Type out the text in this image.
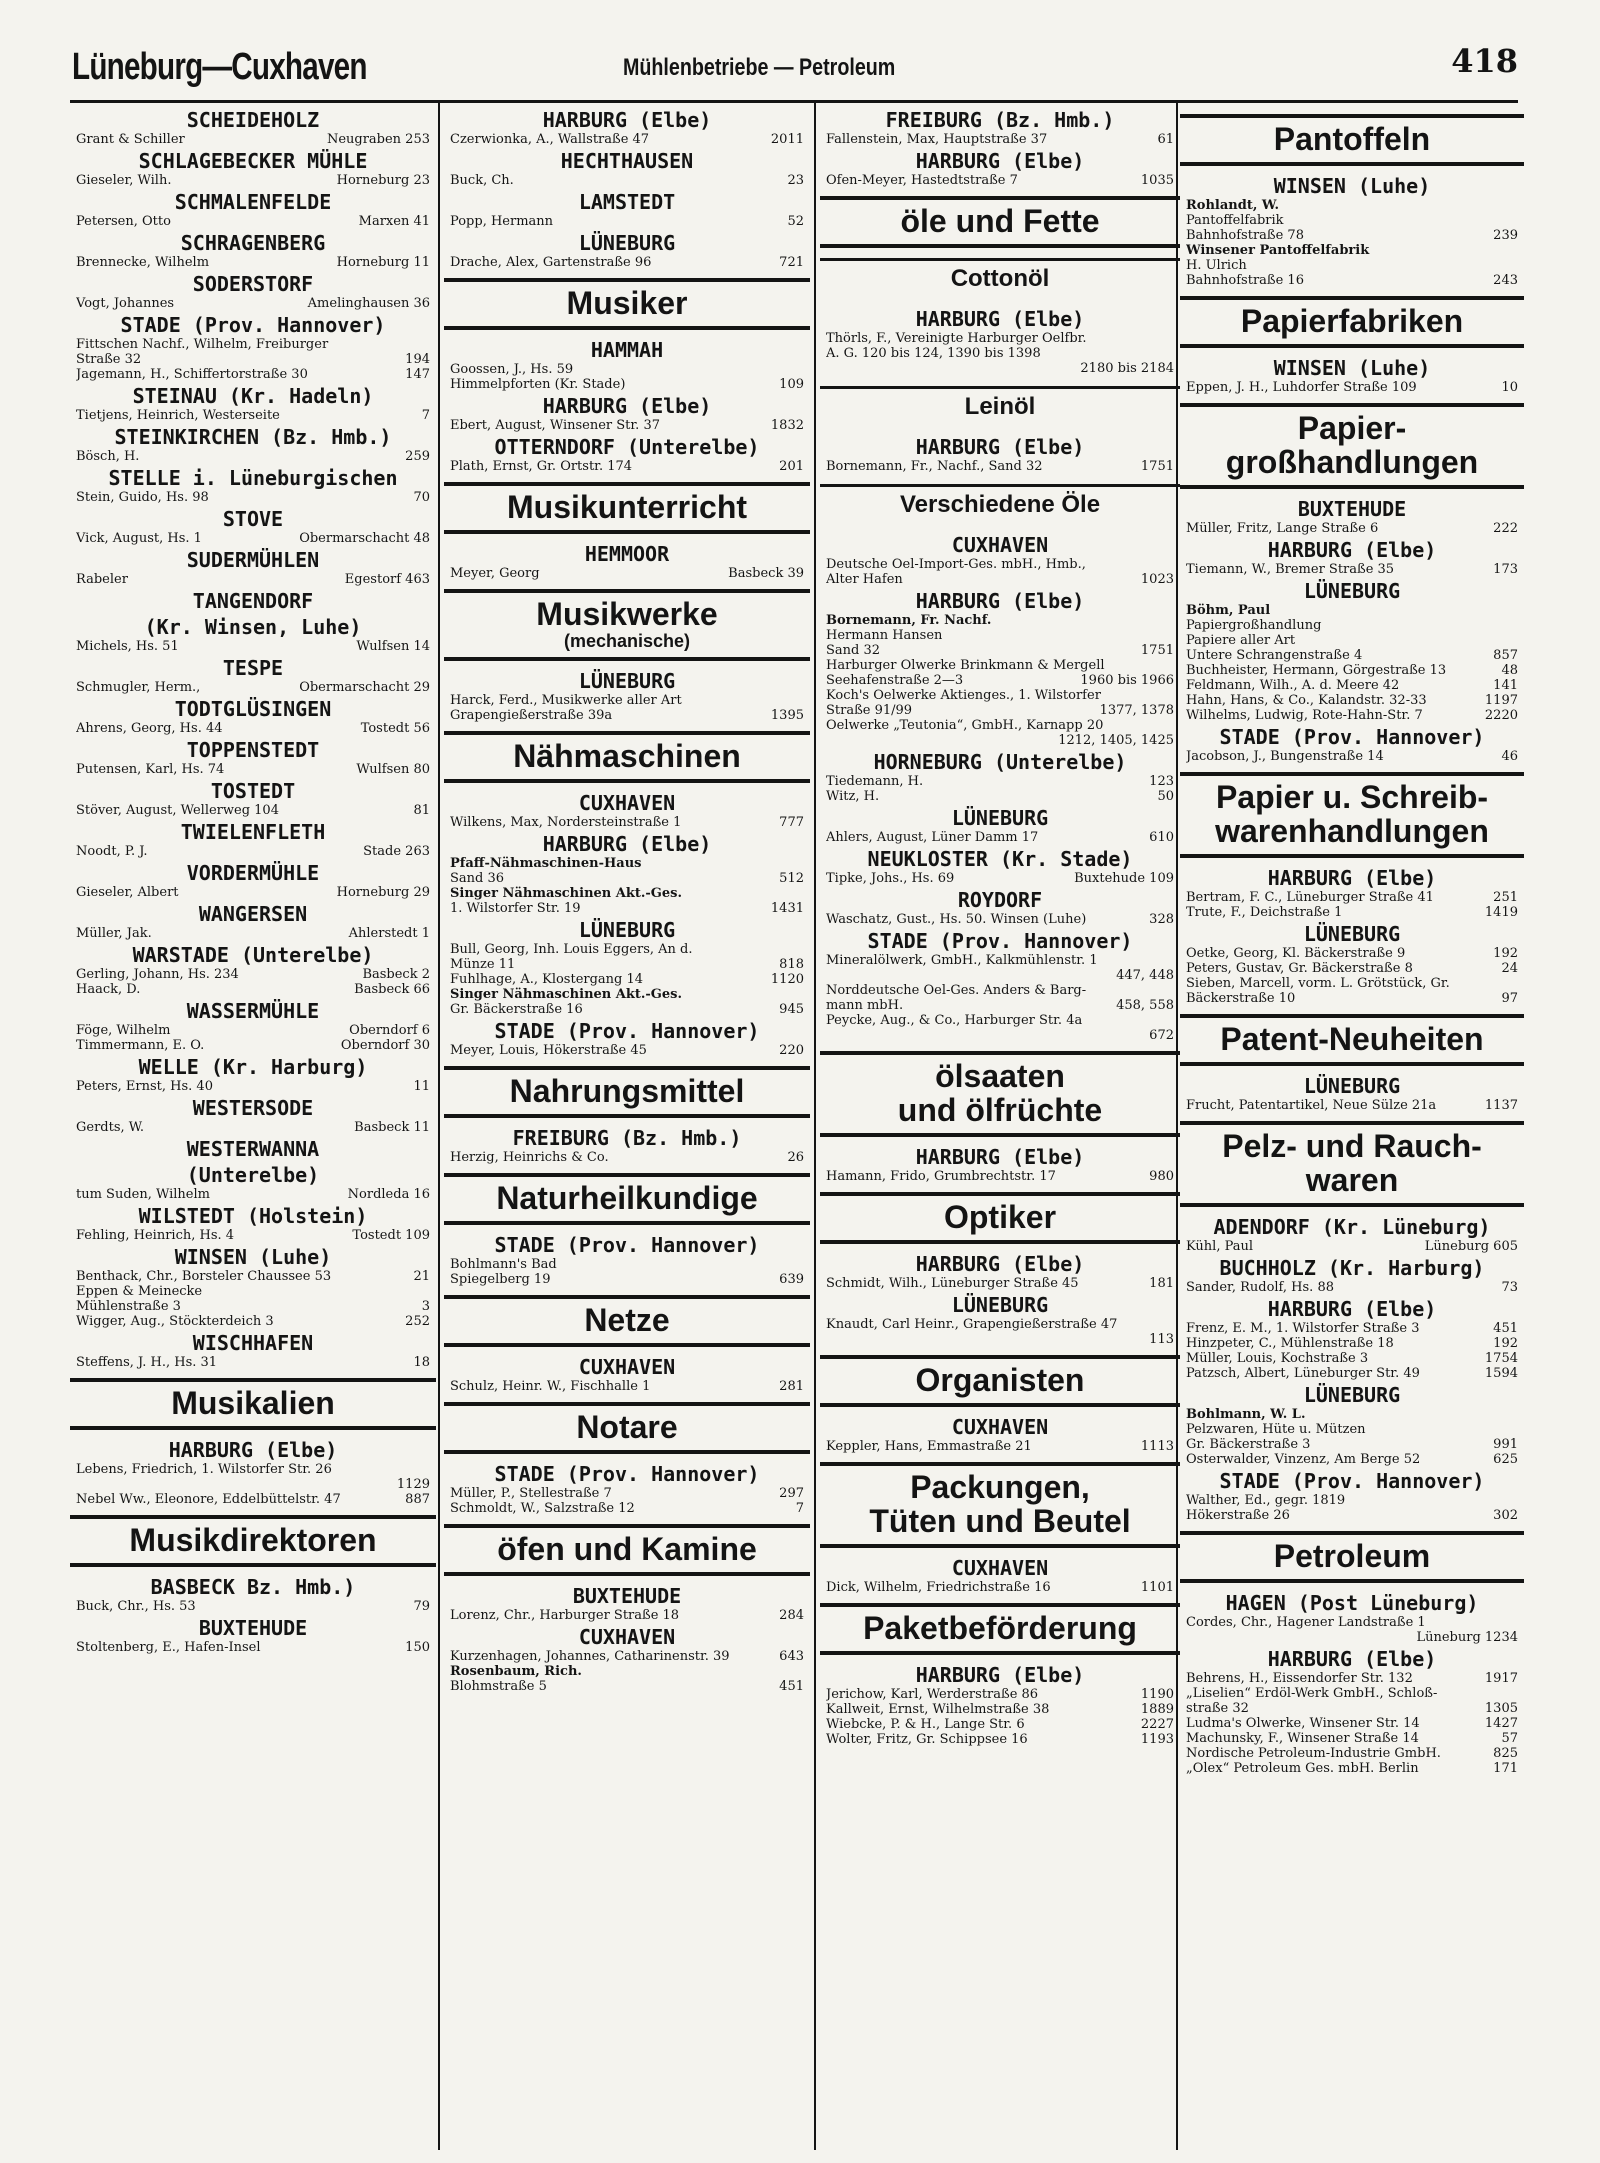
Lüneburg—Cuxhaven	Mühlenbetriebe — Petroleum	418
SCHEIDEHOLZ
Grant & Schiller	Neugraben 253
SCHLAGEBECKER MÜHLE
Gieseler, Wilh.	Horneburg 23
SCHMALENFELDE
Petersen, Otto	Marxen 41
SCHRAGENBERG
Brennecke, Wilhelm	Horneburg 11
SODERSTORF
Vogt, Johannes	Amelinghausen 36
STADE (Prov. Hannover)
Fittschen Nachf., Wilhelm, Freiburger
Straße 32	194
Jagemann, H., Schiffertorstraße 30	147
STEINAU (Kr. Hadeln)
Tietjens, Heinrich, Westerseite	7
STEINKIRCHEN (Bz. Hmb.)
Bösch, H.	259
STELLE i. Lüneburgischen
Stein, Guido, Hs. 98	70
STOVE
Vick, August, Hs. 1	Obermarschacht 48
SUDERMÜHLEN
Rabeler	Egestorf 463
TANGENDORF
(Kr. Winsen, Luhe)
Michels, Hs. 51	Wulfsen 14
TESPE
Schmugler, Herm.,	Obermarschacht 29
TODTGLÜSINGEN
Ahrens, Georg, Hs. 44	Tostedt 56
TOPPENSTEDT
Putensen, Karl, Hs. 74	Wulfsen 80
TOSTEDT
Stöver, August, Wellerweg 104	81
TWIELENFLETH
Noodt, P. J.	Stade 263
VORDERMÜHLE
Gieseler, Albert	Horneburg 29
WANGERSEN
Müller, Jak.	Ahlerstedt 1
WARSTADE (Unterelbe)
Gerling, Johann, Hs. 234	Basbeck 2
Haack, D.	Basbeck 66
WASSERMÜHLE
Föge, Wilhelm	Oberndorf 6
Timmermann, E. O.	Oberndorf 30
WELLE (Kr. Harburg)
Peters, Ernst, Hs. 40	11
WESTERSODE
Gerdts, W.	Basbeck 11
WESTERWANNA
(Unterelbe)
tum Suden, Wilhelm	Nordleda 16
WILSTEDT (Holstein)
Fehling, Heinrich, Hs. 4	Tostedt 109
WINSEN (Luhe)
Benthack, Chr., Borsteler Chaussee 53	21
Eppen & Meinecke
Mühlenstraße 3	3
Wigger, Aug., Stöckterdeich 3	252
WISCHHAFEN
Steffens, J. H., Hs. 31	18
Musikalien
HARBURG (Elbe)
Lebens, Friedrich, 1. Wilstorfer Str. 26
1129
Nebel Ww., Eleonore, Eddelbüttelstr. 47	887
Musikdirektoren
BASBECK Bz. Hmb.)
Buck, Chr., Hs. 53	79
BUXTEHUDE
Stoltenberg, E., Hafen-Insel	150
HARBURG (Elbe)
Czerwionka, A., Wallstraße 47	2011
HECHTHAUSEN
Buck, Ch.	23
LAMSTEDT
Popp, Hermann	52
LÜNEBURG
Drache, Alex, Gartenstraße 96	721
Musiker
HAMMAH
Goossen, J., Hs. 59
Himmelpforten (Kr. Stade)	109
HARBURG (Elbe)
Ebert, August, Winsener Str. 37	1832
OTTERNDORF (Unterelbe)
Plath, Ernst, Gr. Ortstr. 174	201
Musikunterricht
HEMMOOR
Meyer, Georg	Basbeck 39
Musikwerke
(mechanische)
LÜNEBURG
Harck, Ferd., Musikwerke aller Art
Grapengießerstraße 39a	1395
Nähmaschinen
CUXHAVEN
Wilkens, Max, Nordersteinstraße 1	777
HARBURG (Elbe)
Pfaff-Nähmaschinen-Haus
Sand 36	512
Singer Nähmaschinen Akt.-Ges.
1. Wilstorfer Str. 19	1431
LÜNEBURG
Bull, Georg, Inh. Louis Eggers, An d.
Münze 11	818
Fuhlhage, A., Klostergang 14	1120
Singer Nähmaschinen Akt.-Ges.
Gr. Bäckerstraße 16	945
STADE (Prov. Hannover)
Meyer, Louis, Hökerstraße 45	220
Nahrungsmittel
FREIBURG (Bz. Hmb.)
Herzig, Heinrichs & Co.	26
Naturheilkundige
STADE (Prov. Hannover)
Bohlmann's Bad
Spiegelberg 19	639
Netze
CUXHAVEN
Schulz, Heinr. W., Fischhalle 1	281
Notare
STADE (Prov. Hannover)
Müller, P., Stellestraße 7	297
Schmoldt, W., Salzstraße 12	7
öfen und Kamine
BUXTEHUDE
Lorenz, Chr., Harburger Straße 18	284
CUXHAVEN
Kurzenhagen, Johannes, Catharinenstr. 39	643
Rosenbaum, Rich.
Blohmstraße 5	451
FREIBURG (Bz. Hmb.)
Fallenstein, Max, Hauptstraße 37	61
HARBURG (Elbe)
Ofen-Meyer, Hastedtstraße 7	1035
öle und Fette
Cottonöl
HARBURG (Elbe)
Thörls, F., Vereinigte Harburger Oelfbr.
A. G. 120 bis 124, 1390 bis 1398
2180 bis 2184
Leinöl
HARBURG (Elbe)
Bornemann, Fr., Nachf., Sand 32	1751
Verschiedene Öle
CUXHAVEN
Deutsche Oel-Import-Ges. mbH., Hmb.,
Alter Hafen	1023
HARBURG (Elbe)
Bornemann, Fr. Nachf.
Hermann Hansen
Sand 32	1751
Harburger Ölwerke Brinkmann & Mergell
Seehafenstraße 2—3	1960 bis 1966
Koch's Oelwerke Aktienges., 1. Wilstorfer
Straße 91/99	1377, 1378
Oelwerke „Teutonia“, GmbH., Karnapp 20
1212, 1405, 1425
HORNEBURG (Unterelbe)
Tiedemann, H.	123
Witz, H.	50
LÜNEBURG
Ahlers, August, Lüner Damm 17	610
NEUKLOSTER (Kr. Stade)
Tipke, Johs., Hs. 69	Buxtehude 109
ROYDORF
Waschatz, Gust., Hs. 50. Winsen (Luhe)	328
STADE (Prov. Hannover)
Mineralölwerk, GmbH., Kalkmühlenstr. 1
447, 448
Norddeutsche Oel-Ges. Anders & Barg-
mann mbH.	458, 558
Peycke, Aug., & Co., Harburger Str. 4a
672
ölsaaten
und ölfrüchte
HARBURG (Elbe)
Hamann, Frido, Grumbrechtstr. 17	980
Optiker
HARBURG (Elbe)
Schmidt, Wilh., Lüneburger Straße 45	181
LÜNEBURG
Knaudt, Carl Heinr., Grapengießerstraße 47
113
Organisten
CUXHAVEN
Keppler, Hans, Emmastraße 21	1113
Packungen,
Tüten und Beutel
CUXHAVEN
Dick, Wilhelm, Friedrichstraße 16	1101
Paketbeförderung
HARBURG (Elbe)
Jerichow, Karl, Werderstraße 86	1190
Kallweit, Ernst, Wilhelmstraße 38	1889
Wiebcke, P. & H., Lange Str. 6	2227
Wolter, Fritz, Gr. Schippsee 16	1193
Pantoffeln
WINSEN (Luhe)
Rohlandt, W.
Pantoffelfabrik
Bahnhofstraße 78	239
Winsener Pantoffelfabrik
H. Ulrich
Bahnhofstraße 16	243
Papierfabriken
WINSEN (Luhe)
Eppen, J. H., Luhdorfer Straße 109	10
Papier-
großhandlungen
BUXTEHUDE
Müller, Fritz, Lange Straße 6	222
HARBURG (Elbe)
Tiemann, W., Bremer Straße 35	173
LÜNEBURG
Böhm, Paul
Papiergroßhandlung
Papiere aller Art
Untere Schrangenstraße 4	857
Buchheister, Hermann, Görgestraße 13	48
Feldmann, Wilh., A. d. Meere 42	141
Hahn, Hans, & Co., Kalandstr. 32-33	1197
Wilhelms, Ludwig, Rote-Hahn-Str. 7	2220
STADE (Prov. Hannover)
Jacobson, J., Bungenstraße 14	46
Papier u. Schreib-
warenhandlungen
HARBURG (Elbe)
Bertram, F. C., Lüneburger Straße 41	251
Trute, F., Deichstraße 1	1419
LÜNEBURG
Oetke, Georg, Kl. Bäckerstraße 9	192
Peters, Gustav, Gr. Bäckerstraße 8	24
Sieben, Marcell, vorm. L. Grötstück, Gr.
Bäckerstraße 10	97
Patent-Neuheiten
LÜNEBURG
Frucht, Patentartikel, Neue Sülze 21a	1137
Pelz- und Rauch-
waren
ADENDORF (Kr. Lüneburg)
Kühl, Paul	Lüneburg 605
BUCHHOLZ (Kr. Harburg)
Sander, Rudolf, Hs. 88	73
HARBURG (Elbe)
Frenz, E. M., 1. Wilstorfer Straße 3	451
Hinzpeter, C., Mühlenstraße 18	192
Müller, Louis, Kochstraße 3	1754
Patzsch, Albert, Lüneburger Str. 49	1594
LÜNEBURG
Bohlmann, W. L.
Pelzwaren, Hüte u. Mützen
Gr. Bäckerstraße 3	991
Osterwalder, Vinzenz, Am Berge 52	625
STADE (Prov. Hannover)
Walther, Ed., gegr. 1819
Hökerstraße 26	302
Petroleum
HAGEN (Post Lüneburg)
Cordes, Chr., Hagener Landstraße 1
Lüneburg 1234
HARBURG (Elbe)
Behrens, H., Eissendorfer Str. 132	1917
„Liselien“ Erdöl-Werk GmbH., Schloß-
straße 32	1305
Ludma's Ölwerke, Winsener Str. 14	1427
Machunsky, F., Winsener Straße 14	57
Nordische Petroleum-Industrie GmbH.	825
„Olex“ Petroleum Ges. mbH. Berlin	171
